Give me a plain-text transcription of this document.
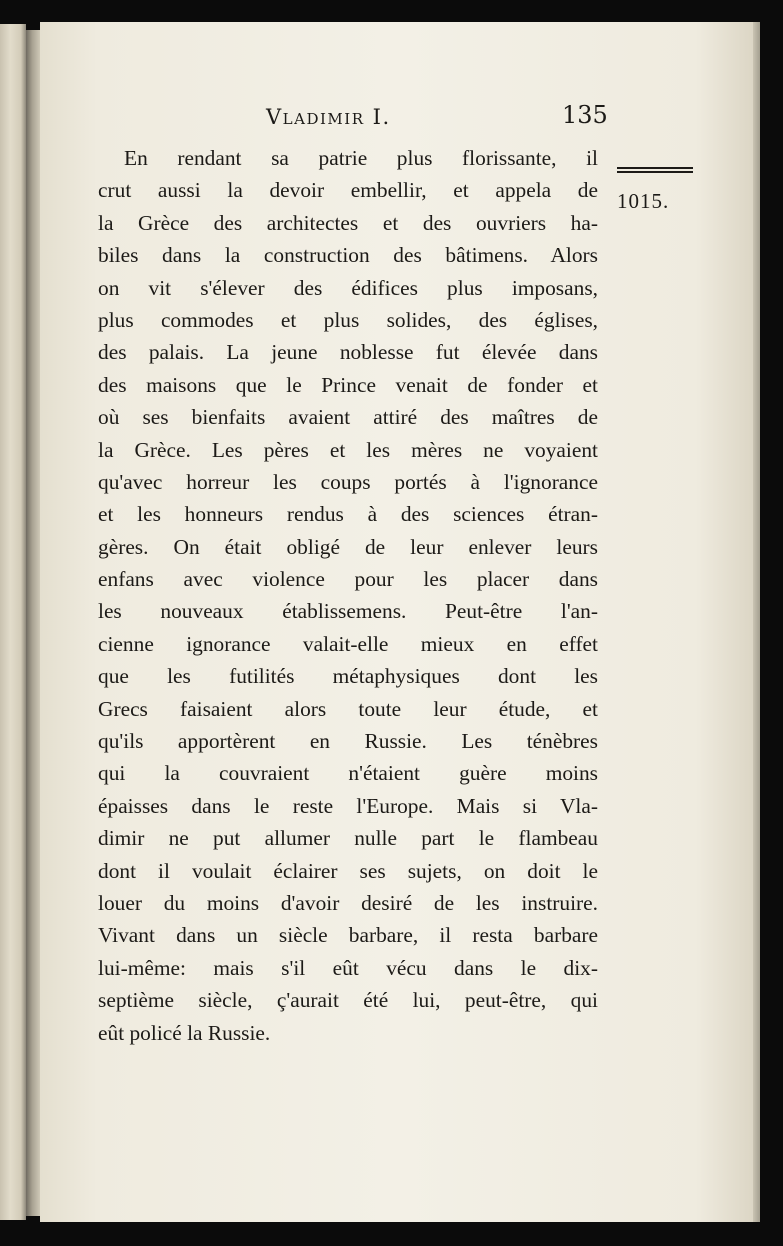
Vladimir I.	135
En rendant sa patrie plus florissante, il
crut aussi la devoir embellir, et appela de
la Grèce des architectes et des ouvriers ha-
biles dans la construction des bâtimens. Alors
on vit s'élever des édifices plus imposans,
plus commodes et plus solides, des églises,
des palais. La jeune noblesse fut élevée dans
des maisons que le Prince venait de fonder et
où ses bienfaits avaient attiré des maîtres de
la Grèce. Les pères et les mères ne voyaient
qu'avec horreur les coups portés à l'ignorance
et les honneurs rendus à des sciences étran-
gères. On était obligé de leur enlever leurs
enfans avec violence pour les placer dans
les nouveaux établissemens. Peut-être l'an-
cienne ignorance valait-elle mieux en effet
que les futilités métaphysiques dont les
Grecs faisaient alors toute leur étude, et
qu'ils apportèrent en Russie. Les ténèbres
qui la couvraient n'étaient guère moins
épaisses dans le reste l'Europe. Mais si Vla-
dimir ne put allumer nulle part le flambeau
dont il voulait éclairer ses sujets, on doit le
louer du moins d'avoir desiré de les instruire.
Vivant dans un siècle barbare, il resta barbare
lui-même: mais s'il eût vécu dans le dix-
septième siècle, ç'aurait été lui, peut-être, qui
eût policé la Russie.
1015.
